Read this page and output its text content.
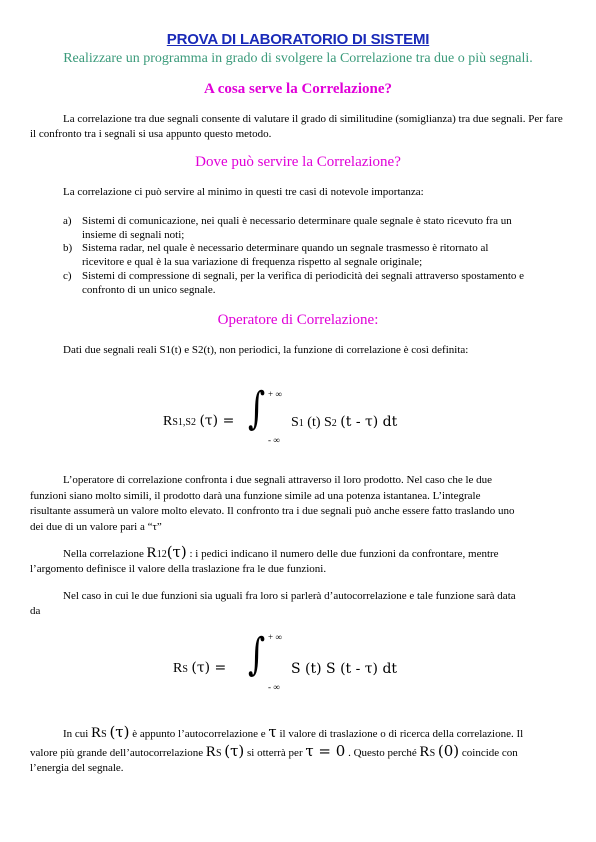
PROVA DI LABORATORIO DI SISTEMI
Realizzare un programma in grado di svolgere la Correlazione tra due o più segnali.
A cosa serve la Correlazione?

La correlazione tra due segnali consente di valutare il grado di similitudine (somiglianza) tra due segnali. Per fare il confronto tra i segnali si usa appunto questo metodo.

Dove può servire la Correlazione?
La correlazione ci può servire al minimo in questi tre casi di notevole importanza:
a) Sistemi di comunicazione, nei quali è necessario determinare quale segnale è stato ricevuto fra un
insieme di segnali noti;
b) Sistema radar, nel quale è necessario determinare quando un segnale trasmesso è ritornato al
ricevitore e qual è la sua variazione di frequenza rispetto al segnale originale;
c) Sistemi di compressione di segnali, per la verifica di periodicità dei segnali attraverso spostamento e
confronto di un unico segnale.
Operatore di Correlazione:
Dati due segnali reali S1(t) e S2(t), non periodici, la funzione di correlazione è così definita:
RS1,S2 (τ) =
+ ∞
∫
- ∞
S1 (t) S2 (t - τ) dt
L’operatore di correlazione confronta i due segnali attraverso il loro prodotto. Nel caso che le due
funzioni siano molto simili, il prodotto darà una funzione simile ad una potenza istantanea. L’integrale
risultante assumerà un valore molto elevato. Il confronto tra i due segnali può anche essere fatto traslando uno
dei due di un valore pari a “τ”
Nella correlazione R12(τ) : i pedici indicano il numero delle due funzioni da confrontare, mentre
l’argomento definisce il valore della traslazione fra le due funzioni.
Nel caso in cui le due funzioni sia uguali fra loro si parlerà d’autocorrelazione e tale funzione sarà data
da
RS (τ) =
+ ∞
∫
- ∞
S (t) S (t - τ) dt
In cui RS (τ) è appunto l’autocorrelazione e τ il valore di traslazione o di ricerca della correlazione. Il
valore più grande dell’autocorrelazione RS (τ) si otterrà per τ = 0 . Questo perché RS (0) coincide con
l’energia del segnale.
